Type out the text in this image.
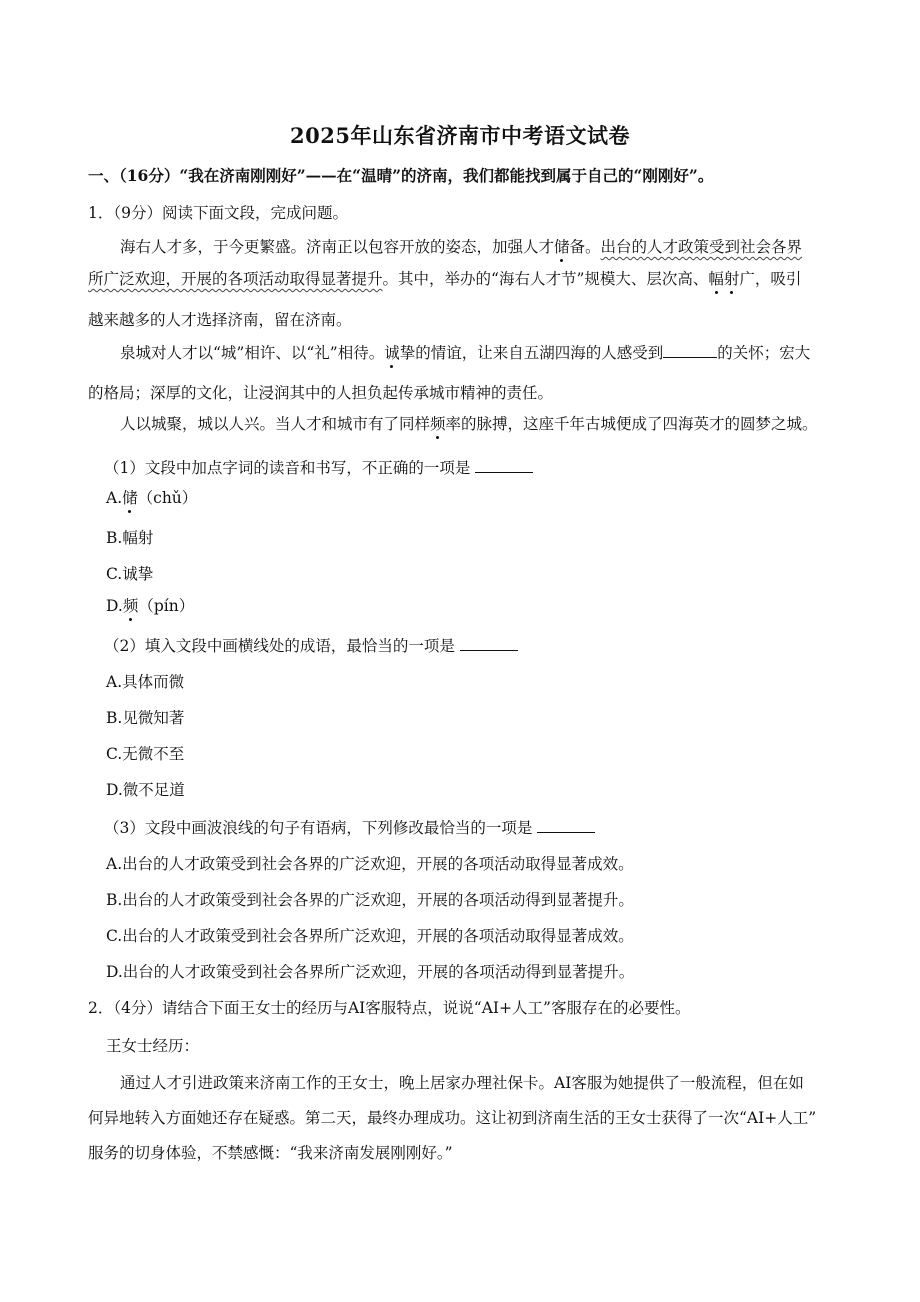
2025年山东省济南市中考语文试卷
一、（16分）“我在济南刚刚好”——在“温晴”的济南，我们都能找到属于自己的“刚刚好”。
1．（9分）阅读下面文段，完成问题。
海右人才多，于今更繁盛。济南正以包容开放的姿态，加强人才储备。出台的人才政策受到社会各界
所广泛欢迎，开展的各项活动取得显著提升。其中，举办的“海右人才节”规模大、层次高、幅射广，吸引
越来越多的人才选择济南，留在济南。
泉城对人才以“城”相许、以“礼”相待。诚挚的情谊，让来自五湖四海的人感受到	的关怀；宏大
的格局；深厚的文化，让浸润其中的人担负起传承城市精神的责任。
人以城聚，城以人兴。当人才和城市有了同样频率的脉搏，这座千年古城便成了四海英才的圆梦之城。
（1）文段中加点字词的读音和书写，不正确的一项是
A.储（chǔ）
B.幅射
C.诚挚
D.频（pín）
（2）填入文段中画横线处的成语，最恰当的一项是
A.具体而微
B.见微知著
C.无微不至
D.微不足道
（3）文段中画波浪线的句子有语病，下列修改最恰当的一项是
A.出台的人才政策受到社会各界的广泛欢迎，开展的各项活动取得显著成效。
B.出台的人才政策受到社会各界的广泛欢迎，开展的各项活动得到显著提升。
C.出台的人才政策受到社会各界所广泛欢迎，开展的各项活动取得显著成效。
D.出台的人才政策受到社会各界所广泛欢迎，开展的各项活动得到显著提升。
2．（4分）请结合下面王女士的经历与AI客服特点，说说“AI+人工”客服存在的必要性。
王女士经历：
通过人才引进政策来济南工作的王女士，晚上居家办理社保卡。AI客服为她提供了一般流程，但在如
何异地转入方面她还存在疑惑。第二天，最终办理成功。这让初到济南生活的王女士获得了一次“AI+人工”
服务的切身体验，不禁感慨：“我来济南发展刚刚好。”
